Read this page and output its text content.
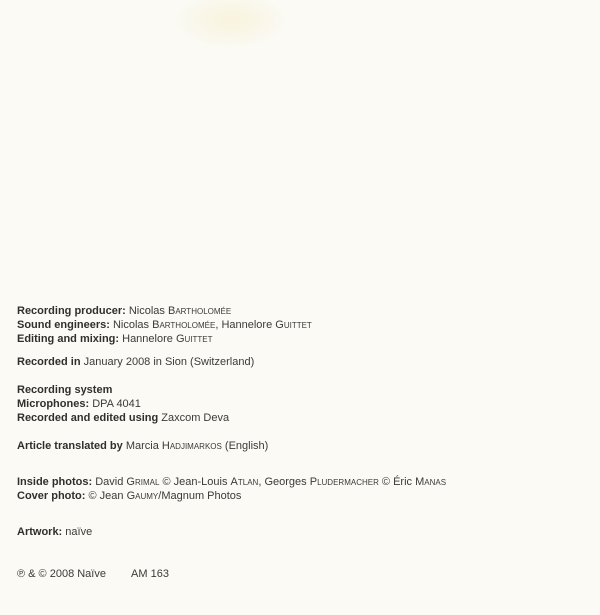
Recording producer: Nicolas Bartholomée
Sound engineers: Nicolas Bartholomée, Hannelore Guittet
Editing and mixing: Hannelore Guittet
Recorded in January 2008 in Sion (Switzerland)
Recording system
Microphones: DPA 4041
Recorded and edited using Zaxcom Deva
Article translated by Marcia Hadjimarkos (English)
Inside photos: David Grimal © Jean-Louis Atlan, Georges Pludermacher © Éric Manas
Cover photo: © Jean Gaumy/Magnum Photos
Artwork: naïve
℗ & © 2008 Naïve AM 163
